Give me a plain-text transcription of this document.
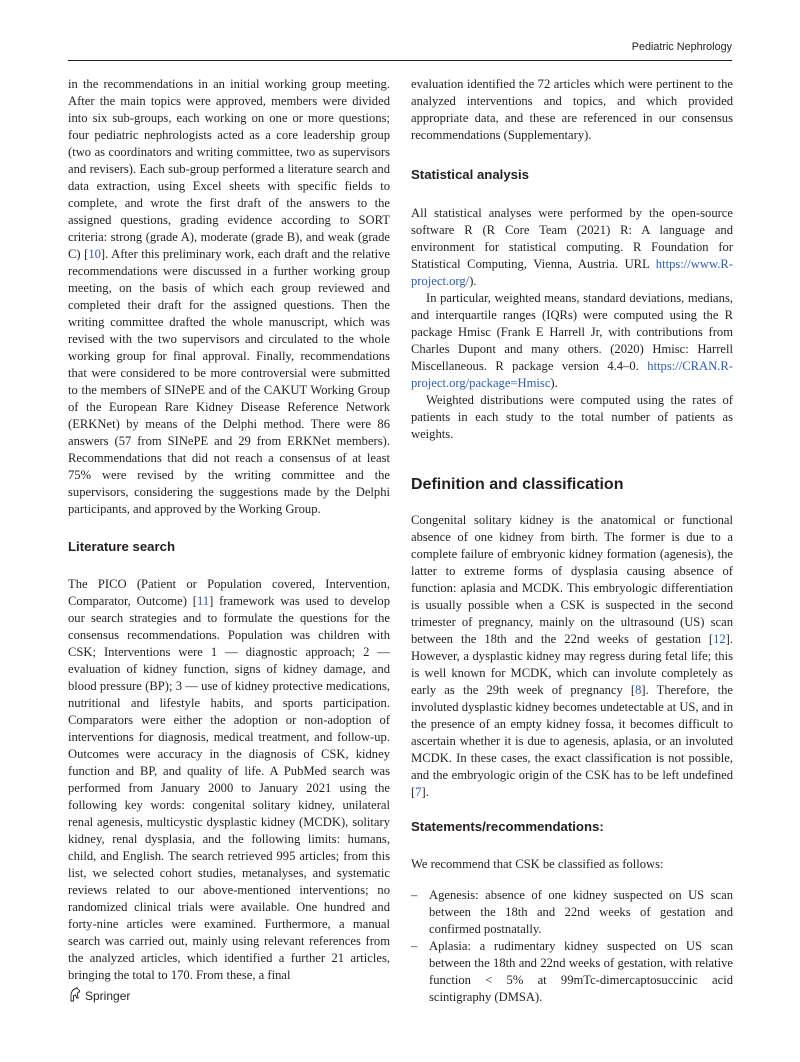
Pediatric Nephrology

in the recommendations in an initial working group meeting. After the main topics were approved, members were divided into six sub-groups, each working on one or more questions; four pediatric nephrologists acted as a core leadership group (two as coordinators and writing committee, two as supervisors and revisers). Each sub-group performed a literature search and data extraction, using Excel sheets with specific fields to complete, and wrote the first draft of the answers to the assigned questions, grading evidence according to SORT criteria: strong (grade A), moderate (grade B), and weak (grade C) [10]. After this preliminary work, each draft and the relative recommendations were discussed in a further working group meeting, on the basis of which each group reviewed and completed their draft for the assigned questions. Then the writing committee drafted the whole manuscript, which was revised with the two supervisors and circulated to the whole working group for final approval. Finally, recommendations that were considered to be more controversial were submitted to the members of SINePE and of the CAKUT Working Group of the European Rare Kidney Disease Reference Network (ERKNet) by means of the Delphi method. There were 86 answers (57 from SINePE and 29 from ERKNet members). Recommendations that did not reach a consensus of at least 75% were revised by the writing committee and the supervisors, considering the suggestions made by the Delphi participants, and approved by the Working Group.

Literature search

The PICO (Patient or Population covered, Intervention, Comparator, Outcome) [11] framework was used to develop our search strategies and to formulate the questions for the consensus recommendations. Population was children with CSK; Interventions were 1 — diagnostic approach; 2 — evaluation of kidney function, signs of kidney damage, and blood pressure (BP); 3 — use of kidney protective medications, nutritional and lifestyle habits, and sports participation. Comparators were either the adoption or non-adoption of interventions for diagnosis, medical treatment, and follow-up. Outcomes were accuracy in the diagnosis of CSK, kidney function and BP, and quality of life. A PubMed search was performed from January 2000 to January 2021 using the following key words: congenital solitary kidney, unilateral renal agenesis, multicystic dysplastic kidney (MCDK), solitary kidney, renal dysplasia, and the following limits: humans, child, and English. The search retrieved 995 articles; from this list, we selected cohort studies, metanalyses, and systematic reviews related to our above-mentioned interventions; no randomized clinical trials were available. One hundred and forty-nine articles were examined. Furthermore, a manual search was carried out, mainly using relevant references from the analyzed articles, which identified a further 21 articles, bringing the total to 170. From these, a final

evaluation identified the 72 articles which were pertinent to the analyzed interventions and topics, and which provided appropriate data, and these are referenced in our consensus recommendations (Supplementary).

Statistical analysis

All statistical analyses were performed by the open-source software R (R Core Team (2021) R: A language and environment for statistical computing. R Foundation for Statistical Computing, Vienna, Austria. URL https://www.R-project.org/).

In particular, weighted means, standard deviations, medians, and interquartile ranges (IQRs) were computed using the R package Hmisc (Frank E Harrell Jr, with contributions from Charles Dupont and many others. (2020) Hmisc: Harrell Miscellaneous. R package version 4.4–0. https://CRAN.R-project.org/package=Hmisc).

Weighted distributions were computed using the rates of patients in each study to the total number of patients as weights.

Definition and classification

Congenital solitary kidney is the anatomical or functional absence of one kidney from birth. The former is due to a complete failure of embryonic kidney formation (agenesis), the latter to extreme forms of dysplasia causing absence of function: aplasia and MCDK. This embryologic differentiation is usually possible when a CSK is suspected in the second trimester of pregnancy, mainly on the ultrasound (US) scan between the 18th and the 22nd weeks of gestation [12]. However, a dysplastic kidney may regress during fetal life; this is well known for MCDK, which can involute completely as early as the 29th week of pregnancy [8]. Therefore, the involuted dysplastic kidney becomes undetectable at US, and in the presence of an empty kidney fossa, it becomes difficult to ascertain whether it is due to agenesis, aplasia, or an involuted MCDK. In these cases, the exact classification is not possible, and the embryologic origin of the CSK has to be left undefined [7].

Statements/recommendations:

We recommend that CSK be classified as follows:

– Agenesis: absence of one kidney suspected on US scan between the 18th and 22nd weeks of gestation and confirmed postnatally.
– Aplasia: a rudimentary kidney suspected on US scan between the 18th and 22nd weeks of gestation, with relative function < 5% at 99mTc-dimercaptosuccinic acid scintigraphy (DMSA).
Springer
